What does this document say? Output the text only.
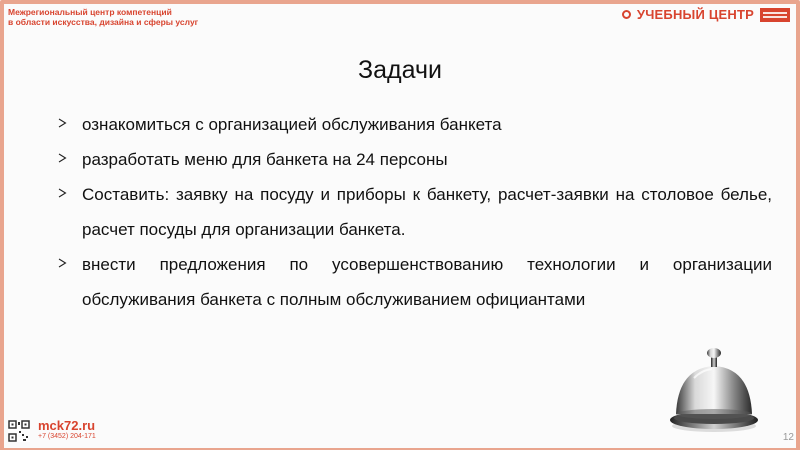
Межрегиональный центр компетенций
в области искусства, дизайна и сферы услуг	УЧЕБНЫЙ ЦЕНТР
Задачи
ознакомиться с организацией обслуживания банкета
разработать меню для банкета на 24 персоны
Составить: заявку на посуду и приборы к банкету, расчет-заявки на столовое белье, расчет посуды для организации банкета.
внести предложения по усовершенствованию технологии и организации обслуживания банкета с полным обслуживанием официантами
mck72.ru
+7 (3452) 204-171	12
